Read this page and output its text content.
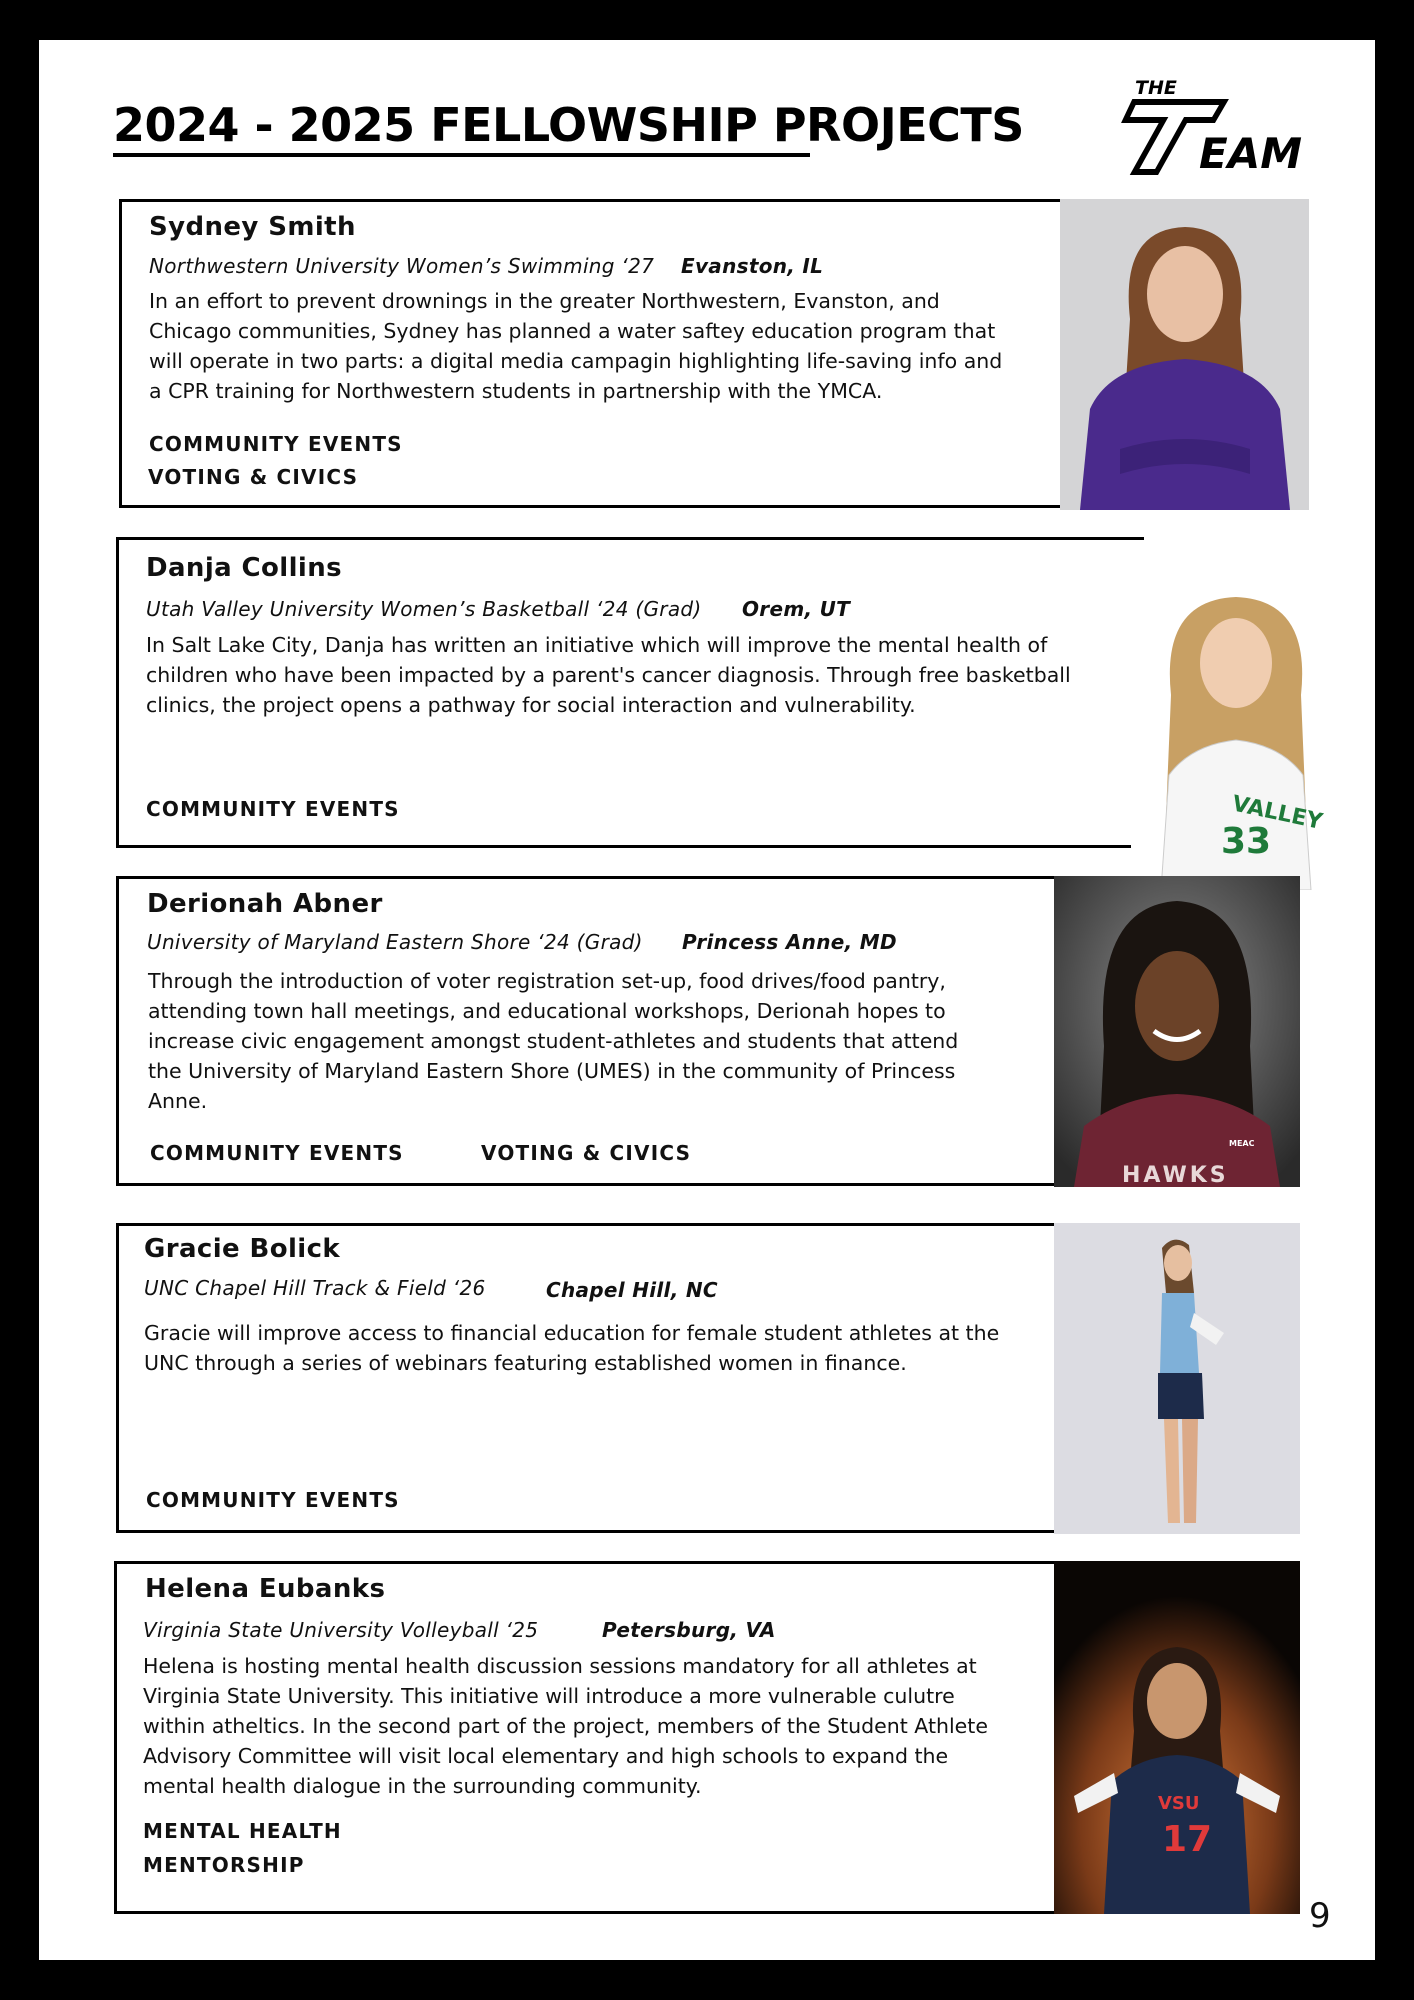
2024 - 2025 FELLOWSHIP PROJECTS
THE
EAM
Sydney Smith
Northwestern University Women’s Swimming ‘27 Evanston, IL
In an effort to prevent drownings in the greater Northwestern, Evanston, and Chicago communities, Sydney has planned a water saftey education program that will operate in two parts: a digital media campagin highlighting life-saving info and a CPR training for Northwestern students in partnership with the YMCA.
COMMUNITY EVENTS
VOTING & CIVICS
Danja Collins
Utah Valley University Women’s Basketball ‘24 (Grad) Orem, UT
In Salt Lake City, Danja has written an initiative which will improve the mental health of children who have been impacted by a parent's cancer diagnosis. Through free basketball clinics, the project opens a pathway for social interaction and vulnerability.
COMMUNITY EVENTS	VALLEY
33
Derionah Abner
University of Maryland Eastern Shore ‘24 (Grad) Princess Anne, MD
Through the introduction of voter registration set-up, food drives/food pantry, attending town hall meetings, and educational workshops, Derionah hopes to increase civic engagement amongst student-athletes and students that attend the University of Maryland Eastern Shore (UMES) in the community of Princess Anne.
COMMUNITY EVENTS	VOTING & CIVICS
HAWKS
MEAC
Gracie Bolick
UNC Chapel Hill Track & Field ‘26	Chapel Hill, NC
Gracie will improve access to financial education for female student athletes at the UNC through a series of webinars featuring established women in finance.
COMMUNITY EVENTS
Helena Eubanks
Virginia State University Volleyball ‘25	Petersburg, VA
Helena is hosting mental health discussion sessions mandatory for all athletes at Virginia State University. This initiative will introduce a more vulnerable culutre within atheltics. In the second part of the project, members of the Student Athlete Advisory Committee will visit local elementary and high schools to expand the mental health dialogue in the surrounding community.
MENTAL HEALTH
MENTORSHIP
VSU
17
9
